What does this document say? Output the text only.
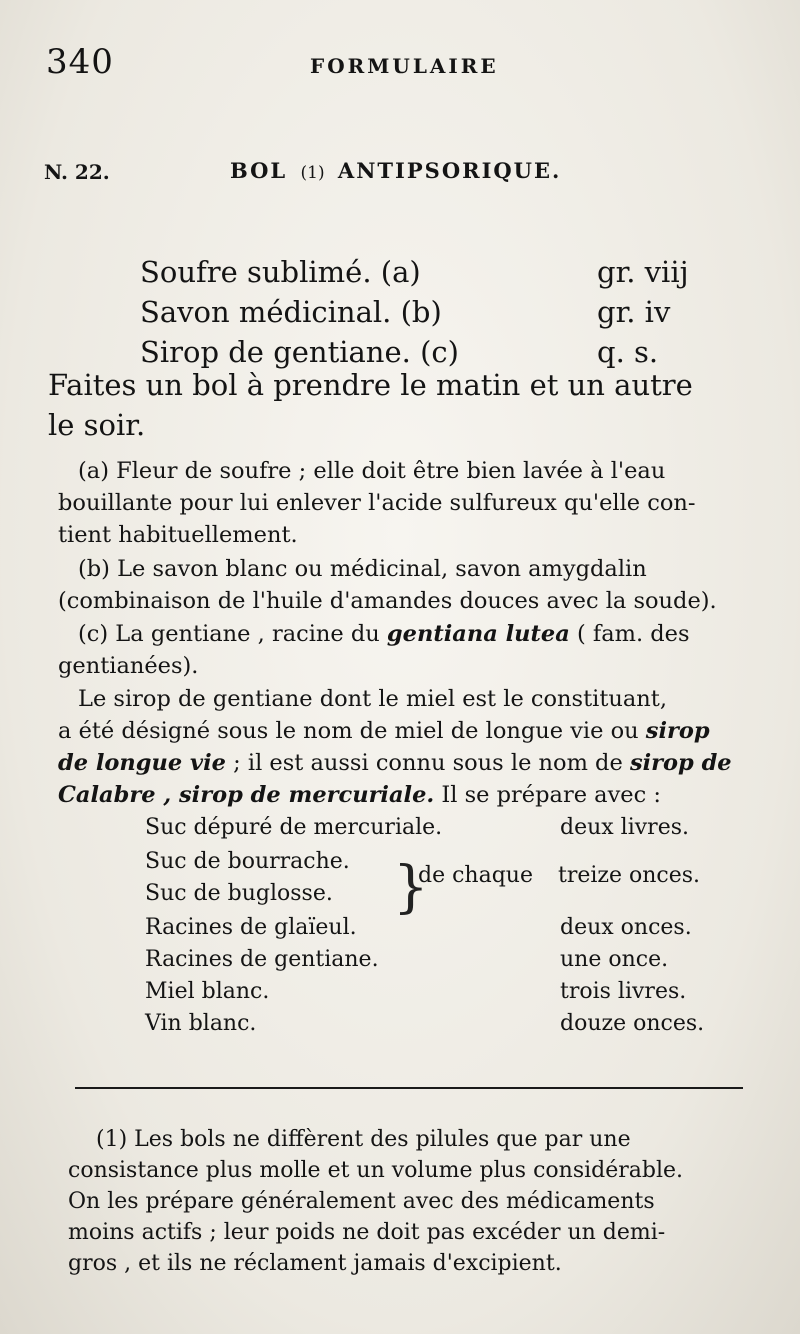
340	FORMULAIRE
N. 22.	BOL (1) ANTIPSORIQUE.
Soufre sublimé. (a)	gr. viij
Savon médicinal. (b)	gr. iv
Sirop de gentiane. (c)	q. s.
Faites un bol à prendre le matin et un autre
le soir.
(a) Fleur de soufre ; elle doit être bien lavée à l'eau
bouillante pour lui enlever l'acide sulfureux qu'elle con-
tient habituellement.
(b) Le savon blanc ou médicinal, savon amygdalin
(combinaison de l'huile d'amandes douces avec la soude).
(c) La gentiane , racine du gentiana lutea ( fam. des
gentianées).
Le sirop de gentiane dont le miel est le constituant,
a été désigné sous le nom de miel de longue vie ou sirop
de longue vie ; il est aussi connu sous le nom de sirop de
Calabre , sirop de mercuriale. Il se prépare avec :
Suc dépuré de mercuriale.	deux livres.
Suc de bourrache.
Suc de buglosse. }
de chaque treize onces.
Racines de glaïeul.	deux onces.
Racines de gentiane.	une once.
Miel blanc.	trois livres.
Vin blanc.	douze onces.
(1) Les bols ne diffèrent des pilules que par une
consistance plus molle et un volume plus considérable.
On les prépare généralement avec des médicaments
moins actifs ; leur poids ne doit pas excéder un demi-
gros , et ils ne réclament jamais d'excipient.
